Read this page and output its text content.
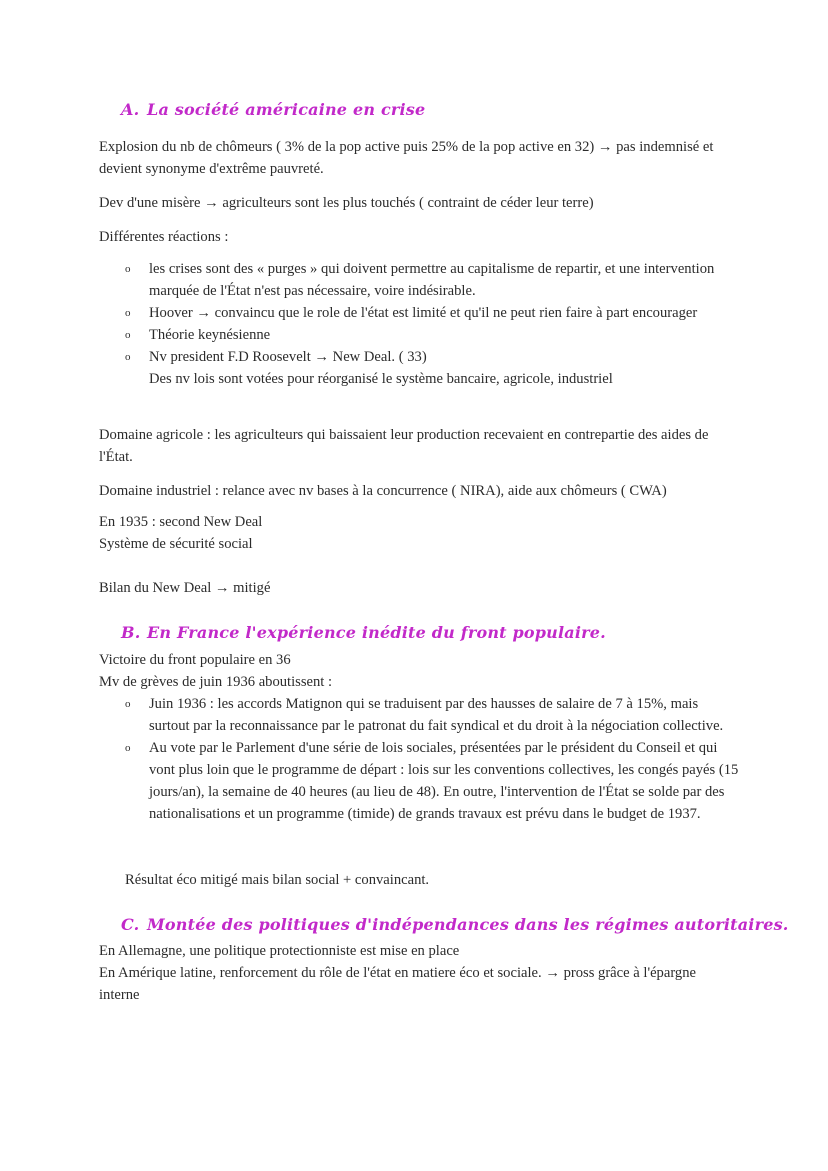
A. La société américaine en crise
Explosion du nb de chômeurs ( 3% de la pop active puis 25% de la pop active en 32) → pas indemnisé et devient synonyme d'extrême pauvreté.
Dev d'une misère → agriculteurs sont les plus touchés ( contraint de céder leur terre)
Différentes réactions :
o les crises sont des « purges » qui doivent permettre au capitalisme de repartir, et une intervention marquée de l'État n'est pas nécessaire, voire indésirable.
o Hoover → convaincu que le role de l'état est limité et qu'il ne peut rien faire à part encourager
o Théorie keynésienne
o Nv president F.D Roosevelt → New Deal. ( 33)
Des nv lois sont votées pour réorganisé le système bancaire, agricole, industriel
Domaine agricole : les agriculteurs qui baissaient leur production recevaient en contrepartie des aides de l'État.
Domaine industriel : relance avec nv bases à la concurrence ( NIRA), aide aux chômeurs ( CWA)
En 1935 : second New Deal
Système de sécurité social
Bilan du New Deal → mitigé
B. En France l'expérience inédite du front populaire.
Victoire du front populaire en 36
Mv de grèves de juin 1936 aboutissent :
o Juin 1936 : les accords Matignon qui se traduisent par des hausses de salaire de 7 à 15%, mais surtout par la reconnaissance par le patronat du fait syndical et du droit à la négociation collective.
o Au vote par le Parlement d'une série de lois sociales, présentées par le président du Conseil et qui vont plus loin que le programme de départ : lois sur les conventions collectives, les congés payés (15 jours/an), la semaine de 40 heures (au lieu de 48). En outre, l'intervention de l'État se solde par des nationalisations et un programme (timide) de grands travaux est prévu dans le budget de 1937.
Résultat éco mitigé mais bilan social + convaincant.
C. Montée des politiques d'indépendances dans les régimes autoritaires.
En Allemagne, une politique protectionniste est mise en place
En Amérique latine, renforcement du rôle de l'état en matiere éco et sociale. → pross grâce à l'épargne interne
